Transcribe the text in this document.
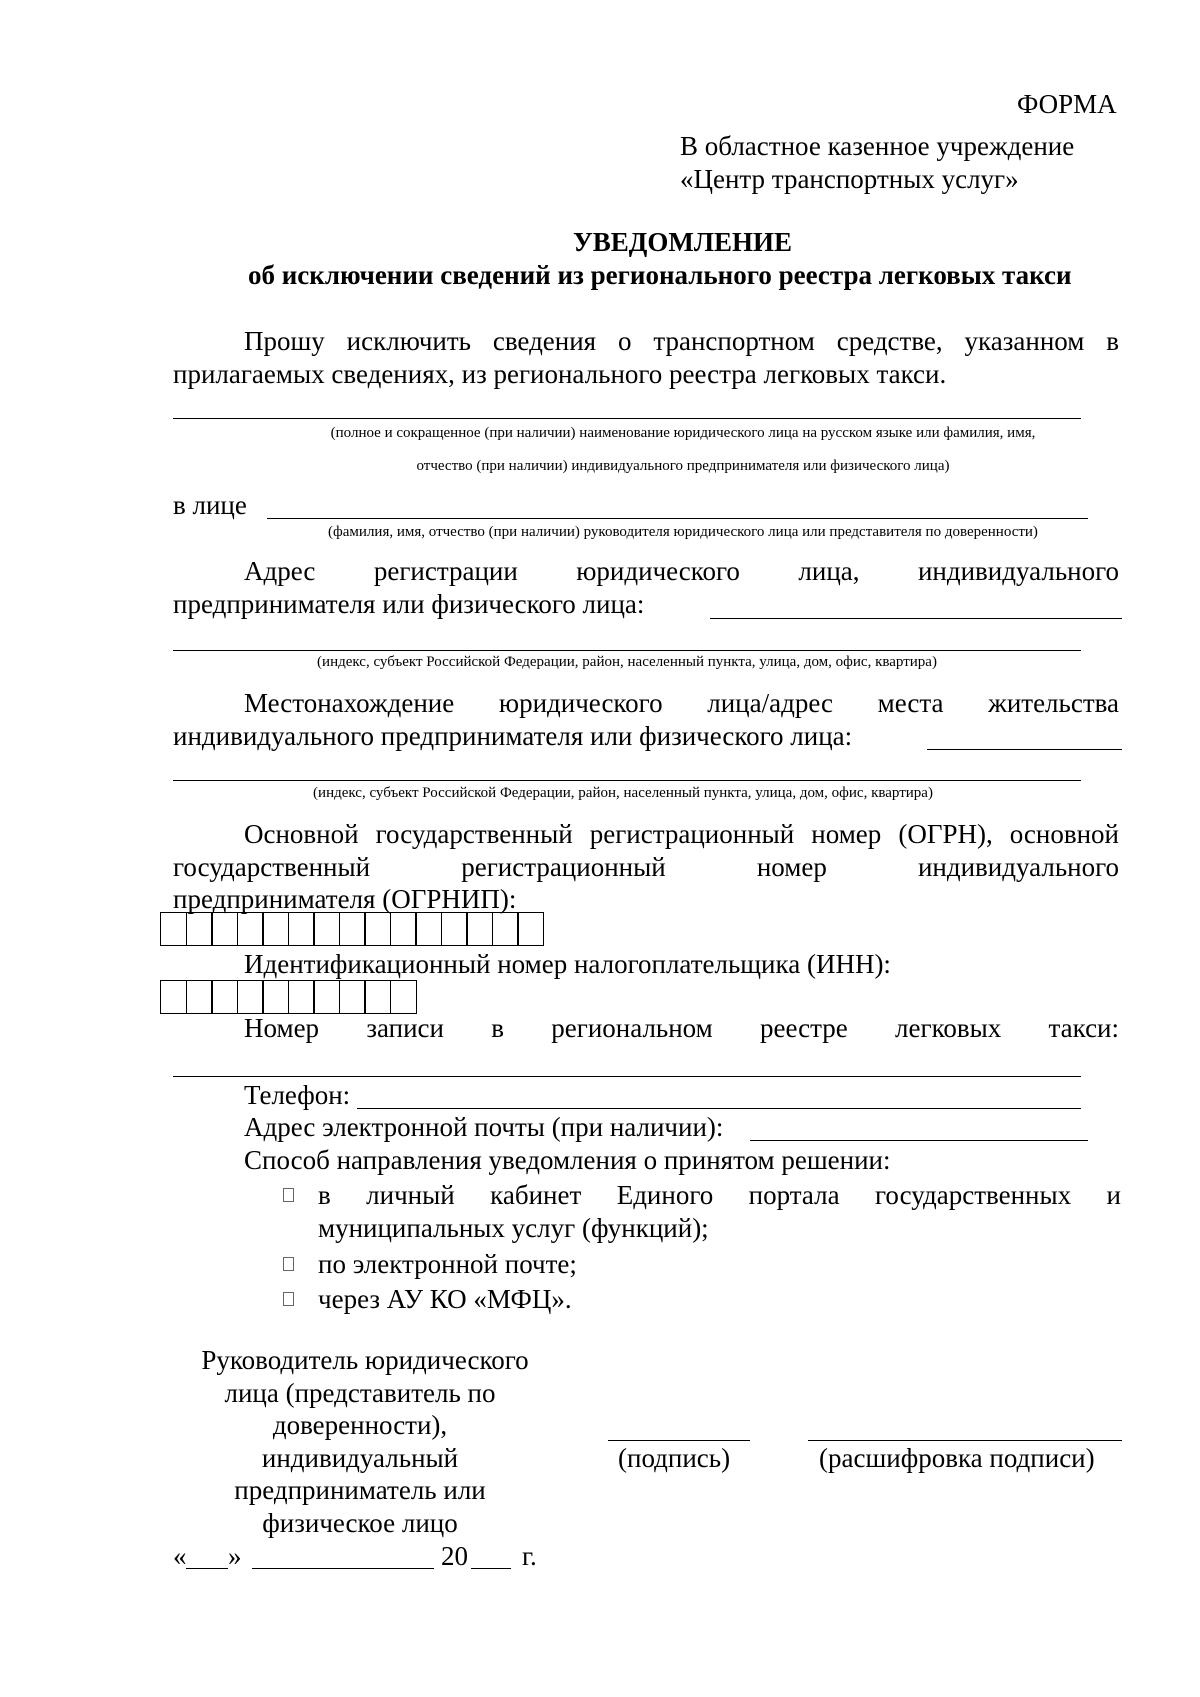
ФОРМА
В областное казенное учреждение
«Центр транспортных услуг»
УВЕДОМЛЕНИЕ
об исключении сведений из регионального реестра легковых такси
Прошу исключить сведения о транспортном средстве, указанном в
прилагаемых сведениях, из регионального реестра легковых такси.
(полное и сокращенное (при наличии) наименование юридического лица на русском языке или фамилия, имя,
отчество (при наличии) индивидуального предпринимателя или физического лица)
в лице
(фамилия, имя, отчество (при наличии) руководителя юридического лица или представителя по доверенности)
Адрес регистрации юридического лица, индивидуального
предпринимателя или физического лица:
(индекс, субъект Российской Федерации, район, населенный пункта, улица, дом, офис, квартира)
Местонахождение юридического лица/адрес места жительства
индивидуального предпринимателя или физического лица:
(индекс, субъект Российской Федерации, район, населенный пункта, улица, дом, офис, квартира)
Основной государственный регистрационный номер (ОГРН), основной
государственный регистрационный номер индивидуального
предпринимателя (ОГРНИП):
Идентификационный номер налогоплательщика (ИНН):
Номер записи в региональном реестре легковых такси:
Телефон:
Адрес электронной почты (при наличии):
Способ направления уведомления о принятом решении:
в личный кабинет Единого портала государственных и
муниципальных услуг (функций);
по электронной почте;
через АУ КО «МФЦ».
Руководитель юридического
лица (представитель по
доверенности),
индивидуальный
предприниматель или
физическое лицо
(подпись)	(расшифровка подписи)
« »	20 г.
